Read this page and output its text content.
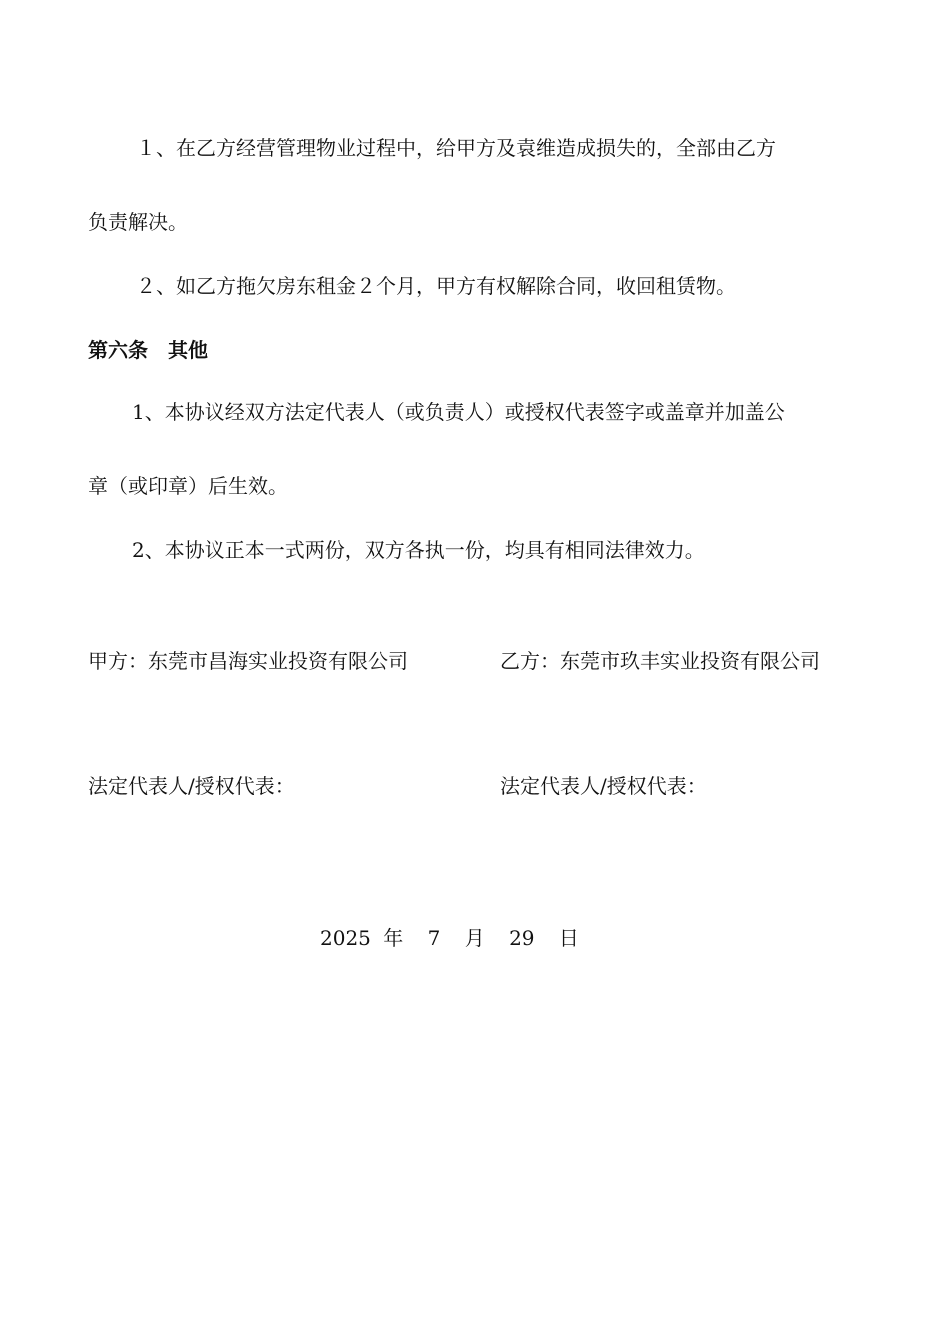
１、在乙方经营管理物业过程中，给甲方及袁维造成损失的，全部由乙方

负责解决。

２、如乙方拖欠房东租金２个月，甲方有权解除合同，收回租赁物。

第六条　其他

1、本协议经双方法定代表人（或负责人）或授权代表签字或盖章并加盖公

章（或印章）后生效。

2、本协议正本一式两份，双方各执一份，均具有相同法律效力。

甲方：东莞市昌海实业投资有限公司	乙方：东莞市玖丰实业投资有限公司

法定代表人/授权代表：	法定代表人/授权代表：

2025 年 7 月 29 日
